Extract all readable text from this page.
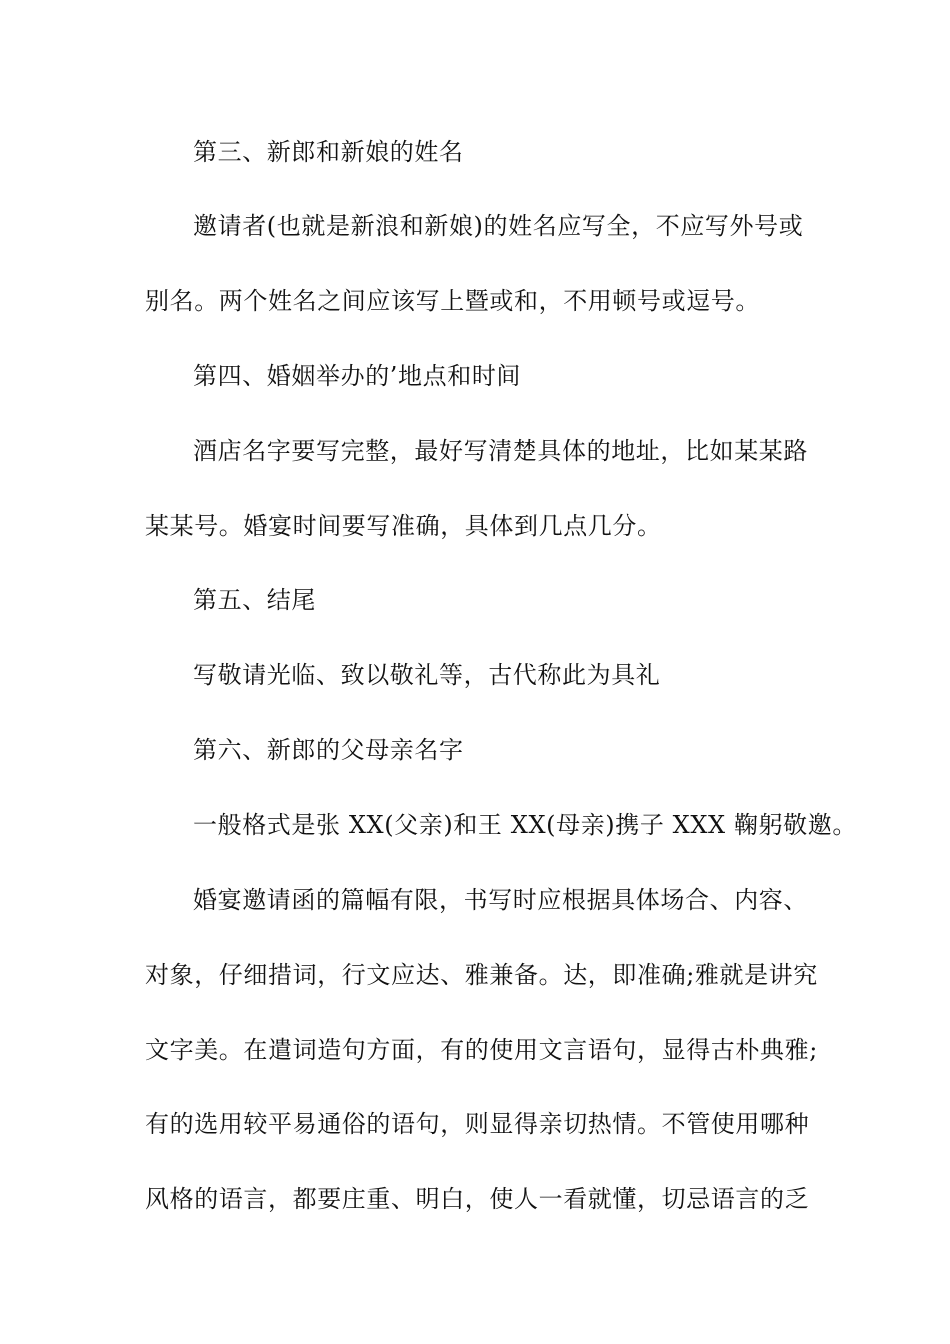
第三、新郎和新娘的姓名
邀请者(也就是新浪和新娘)的姓名应写全，不应写外号或
别名。两个姓名之间应该写上暨或和，不用顿号或逗号。
第四、婚姻举办的’地点和时间
酒店名字要写完整，最好写清楚具体的地址，比如某某路
某某号。婚宴时间要写准确，具体到几点几分。
第五、结尾
写敬请光临、致以敬礼等，古代称此为具礼
第六、新郎的父母亲名字
一般格式是张 XX(父亲)和王 XX(母亲)携子 XXX 鞠躬敬邀。
婚宴邀请函的篇幅有限，书写时应根据具体场合、内容、
对象，仔细措词，行文应达、雅兼备。达，即准确;雅就是讲究
文字美。在遣词造句方面，有的使用文言语句，显得古朴典雅;
有的选用较平易通俗的语句，则显得亲切热情。不管使用哪种
风格的语言，都要庄重、明白，使人一看就懂，切忌语言的乏
